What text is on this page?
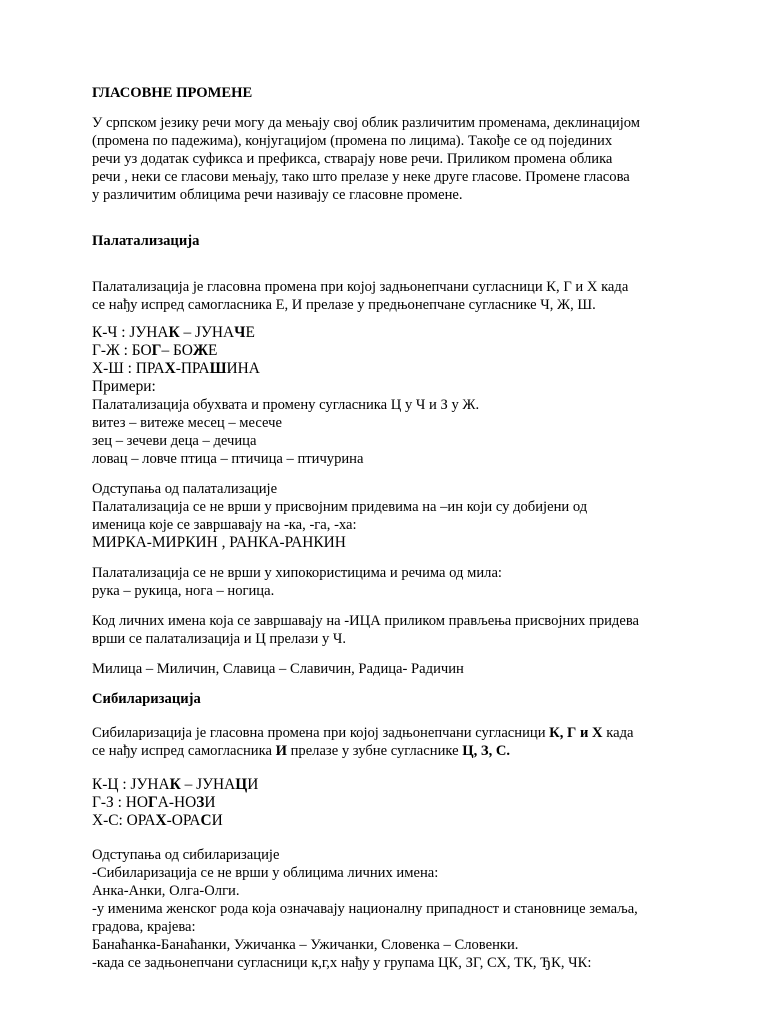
ГЛАСОВНЕ ПРОМЕНЕ

У српском језику речи могу да мењају свој облик различитим променама, деклинацијом

(промена по падежима), конјугацијом (промена по лицима). Такође се од појединих

речи уз додатак суфикса и префикса, стварају нове речи. Приликом промена облика

речи , неки се гласови мењају, тако што прелазе у неке друге гласове. Промене гласова

у различитим облицима речи називају се гласовне промене.

Палатализација

Палатализација је гласовна промена при којој задњонепчани сугласници К, Г и Х када

се нађу испред самогласника Е, И прелазе у предњонепчане сугласнике Ч, Ж, Ш.

К-Ч : ЈУНАК – ЈУНАЧЕ

Г-Ж : БОГ– БОЖЕ

Х-Ш : ПРАХ-ПРАШИНА

Примери:

Палатализација обухвата и промену сугласника Ц у Ч и З у Ж.

витез – витеже месец – месече

зец – зечеви деца – дечица

ловац – ловче птица – птичица – птичурина

Одступања од палатализације

Палатализација се не врши у присвојним придевима на –ин који су добијени од

именица које се завршавају на -ка, -га, -ха:

МИРКА-МИРКИН , РАНКА-РАНКИН

Палатализација се не врши у хипокористицима и речима од мила:

рука – рукица, нога – ногица.

Код личних имена која се завршавају на -ИЦА приликом прављења присвојних придева

врши се палатализација и Ц прелази у Ч.

Милица – Миличин, Славица – Славичин, Радица- Радичин

Сибиларизација

Сибиларизација је гласовна промена при којој задњонепчани сугласници К, Г и Х када

се нађу испред самогласника И прелазе у зубне сугласнике Ц, З, С.

К-Ц : ЈУНАК – ЈУНАЦИ

Г-З : НОГА-НОЗИ

Х-С: ОРАХ-ОРАСИ

Одступања од сибиларизације

-Сибиларизација се не врши у облицима личних имена:

Анка-Анки, Олга-Олги.

-у именима женског рода која означавају националну припадност и становнице земаља,

градова, крајева:

Банаћанка-Банаћанки, Ужичанка – Ужичанки, Словенка – Словенки.

-када се задњонепчани сугласници к,г,х нађу у групама ЦК, ЗГ, СХ, ТК, ЂК, ЧК:
